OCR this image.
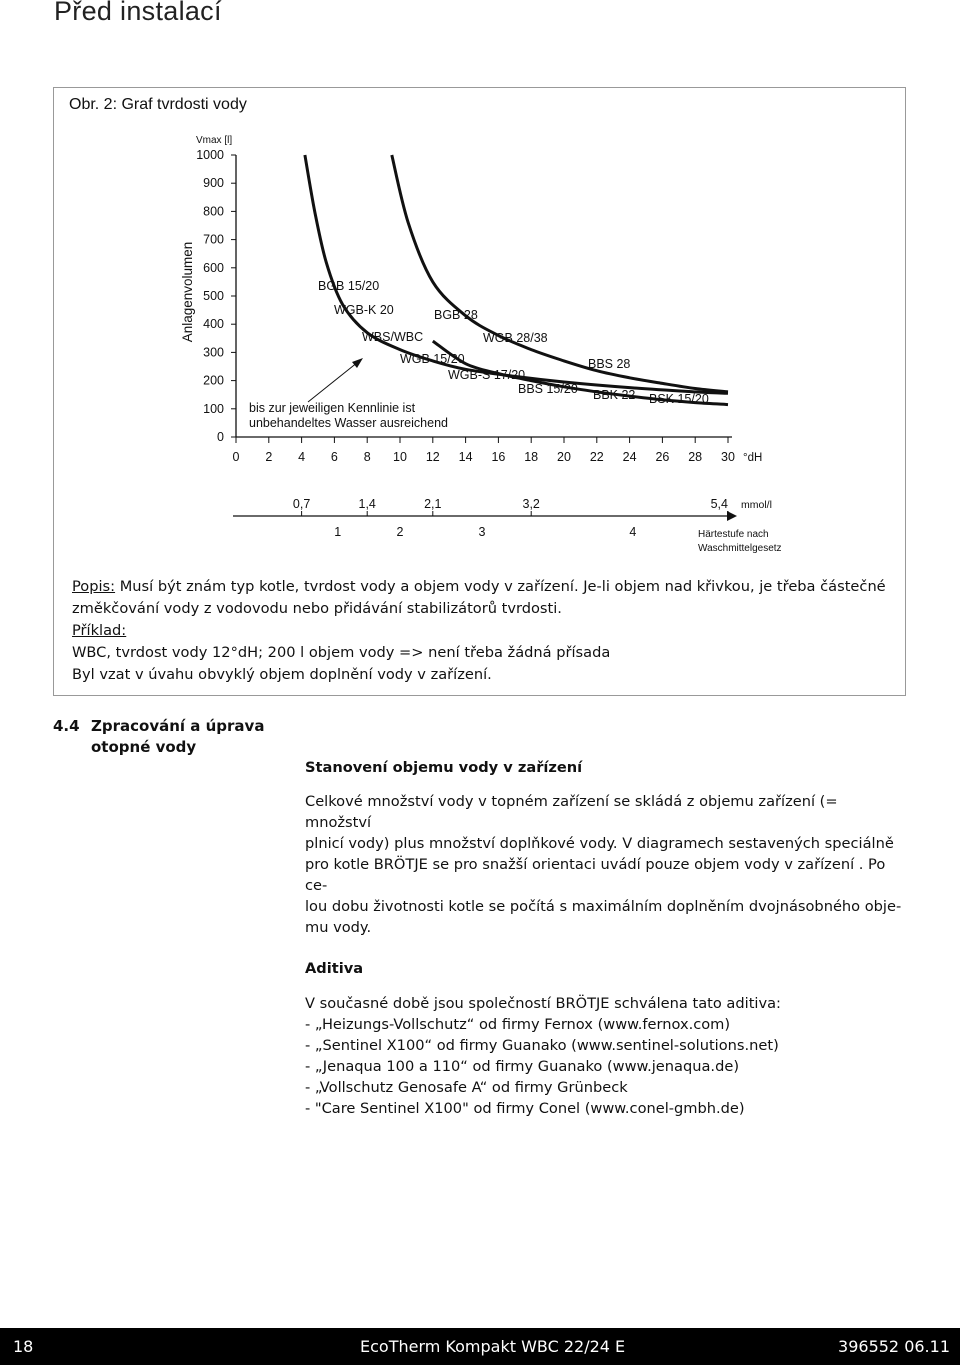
Před instalací
Obr. 2: Graf tvrdosti vody
Anlagenvolumen
Vmax [l]
0
100
200
300
400
500
600
700
800
900
1000
0 2 4 6 8 10 12 14 16 18 20 22 24 26 28 30 °dH
BGB 15/20
WGB-K 20	BGB 28
WBS/WBC	WGB 28/38
WGB 15/20
WGB-S 17/20
BBS 28
BBS 15/20 BBK 22 BSK 15/20
bis zur jeweiligen Kennlinie ist
unbehandeltes Wasser ausreichend
0,7	1,4	2,1	3,2	5,4 mmol/l
1	2	3	4	Härtestufe nach
Waschmittelgesetz

Popis: Musí být znám typ kotle, tvrdost vody a objem vody v zařízení. Je-li objem nad křivkou, je třeba částečné

změkčování vody z vodovodu nebo přidávání stabilizátorů tvrdosti.

Příklad:

WBC, tvrdost vody 12°dH; 200 l objem vody => není třeba žádná přísada

Byl vzat v úvahu obvyklý objem doplnění vody v zařízení.

4.4 Zpracování a úprava otopné vody
Stanovení objemu vody v zařízení

Celkové množství vody v topném zařízení se skládá z objemu zařízení (= množství

plnicí vody) plus množství doplňkové vody. V diagramech sestavených speciálně

pro kotle BRÖTJE se pro snažší orientaci uvádí pouze objem vody v zařízení . Po ce-

lou dobu životnosti kotle se počítá s maximálním doplněním dvojnásobného obje-

mu vody.

Aditiva

V současné době jsou společností BRÖTJE schválena tato aditiva:

- „Heizungs-Vollschutz“ od firmy Fernox (www.fernox.com)

- „Sentinel X100“ od firmy Guanako (www.sentinel-solutions.net)

- „Jenaqua 100 a 110“ od firmy Guanako (www.jenaqua.de)

- „Vollschutz Genosafe A“ od firmy Grünbeck

- "Care Sentinel X100" od firmy Conel (www.conel-gmbh.de)

18	EcoTherm Kompakt WBC 22/24 E	396552 06.11
